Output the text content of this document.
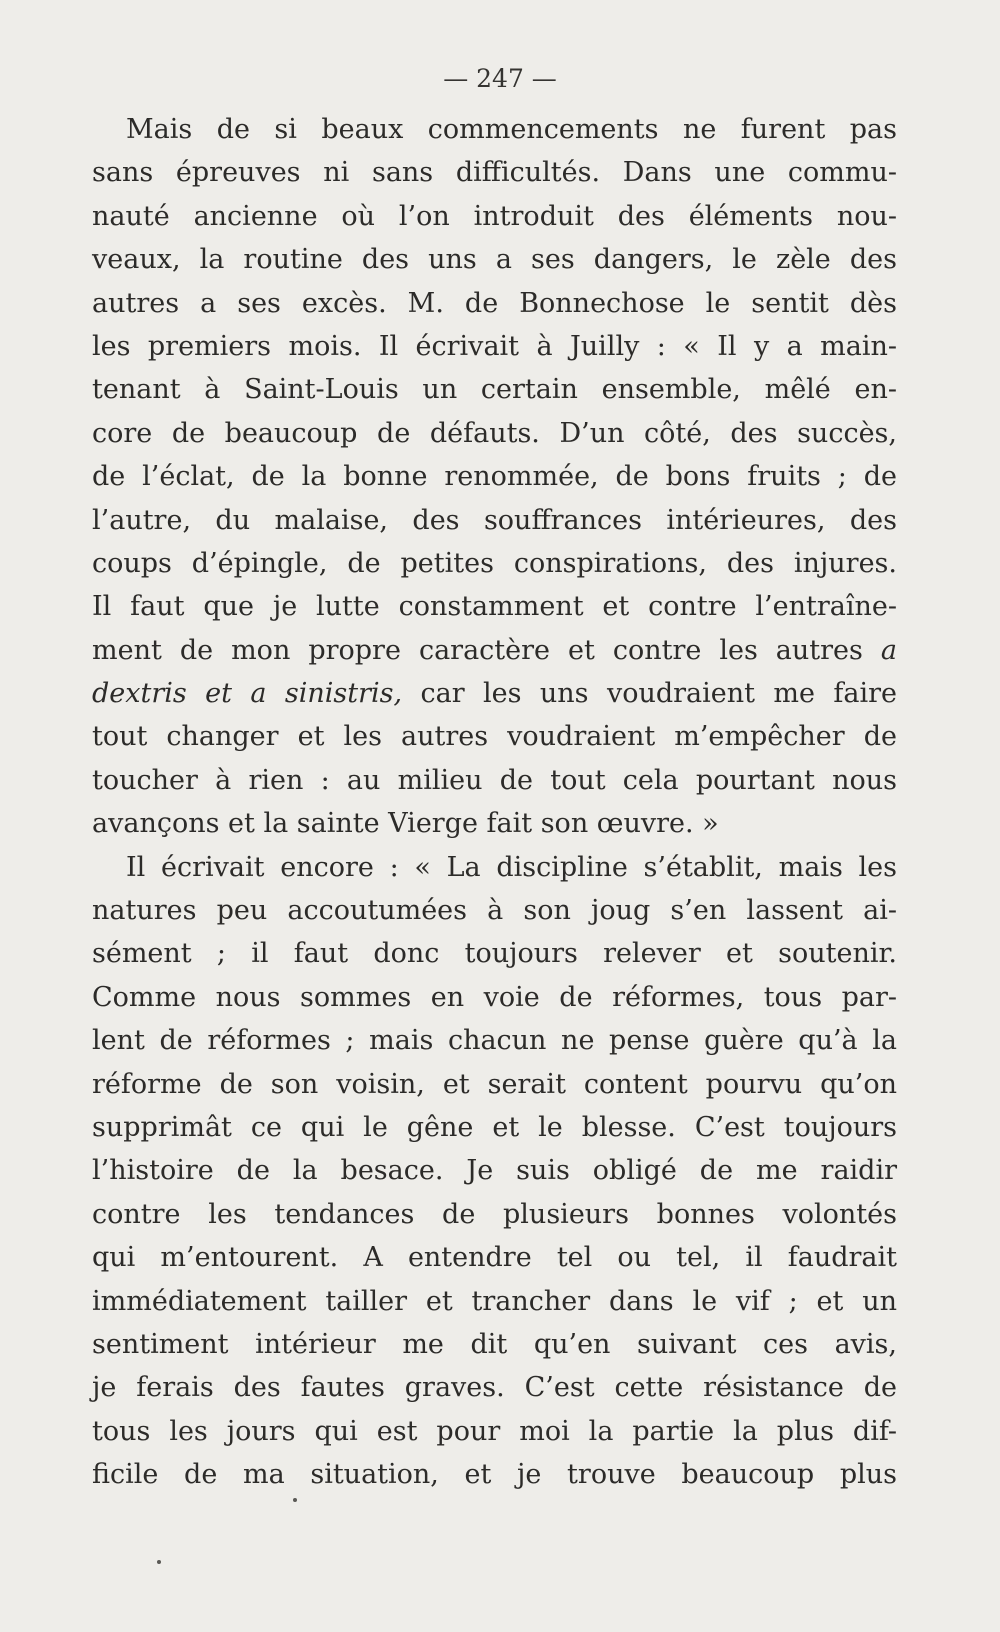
— 247 —
Mais de si beaux commencements ne furent pas
sans épreuves ni sans difficultés. Dans une commu-
nauté ancienne où l’on introduit des éléments nou-
veaux, la routine des uns a ses dangers, le zèle des
autres a ses excès. M. de Bonnechose le sentit dès
les premiers mois. Il écrivait à Juilly : « Il y a main-
tenant à Saint-Louis un certain ensemble, mêlé en-
core de beaucoup de défauts. D’un côté, des succès,
de l’éclat, de la bonne renommée, de bons fruits ; de
l’autre, du malaise, des souffrances intérieures, des
coups d’épingle, de petites conspirations, des injures.
Il faut que je lutte constamment et contre l’entraîne-
ment de mon propre caractère et contre les autres a
dextris et a sinistris, car les uns voudraient me faire
tout changer et les autres voudraient m’empêcher de
toucher à rien : au milieu de tout cela pourtant nous
avançons et la sainte Vierge fait son œuvre. »
Il écrivait encore : « La discipline s’établit, mais les
natures peu accoutumées à son joug s’en lassent ai-
sément ; il faut donc toujours relever et soutenir.
Comme nous sommes en voie de réformes, tous par-
lent de réformes ; mais chacun ne pense guère qu’à la
réforme de son voisin, et serait content pourvu qu’on
supprimât ce qui le gêne et le blesse. C’est toujours
l’histoire de la besace. Je suis obligé de me raidir
contre les tendances de plusieurs bonnes volontés
qui m’entourent. A entendre tel ou tel, il faudrait
immédiatement tailler et trancher dans le vif ; et un
sentiment intérieur me dit qu’en suivant ces avis,
je ferais des fautes graves. C’est cette résistance de
tous les jours qui est pour moi la partie la plus dif-
ficile de ma situation, et je trouve beaucoup plus
